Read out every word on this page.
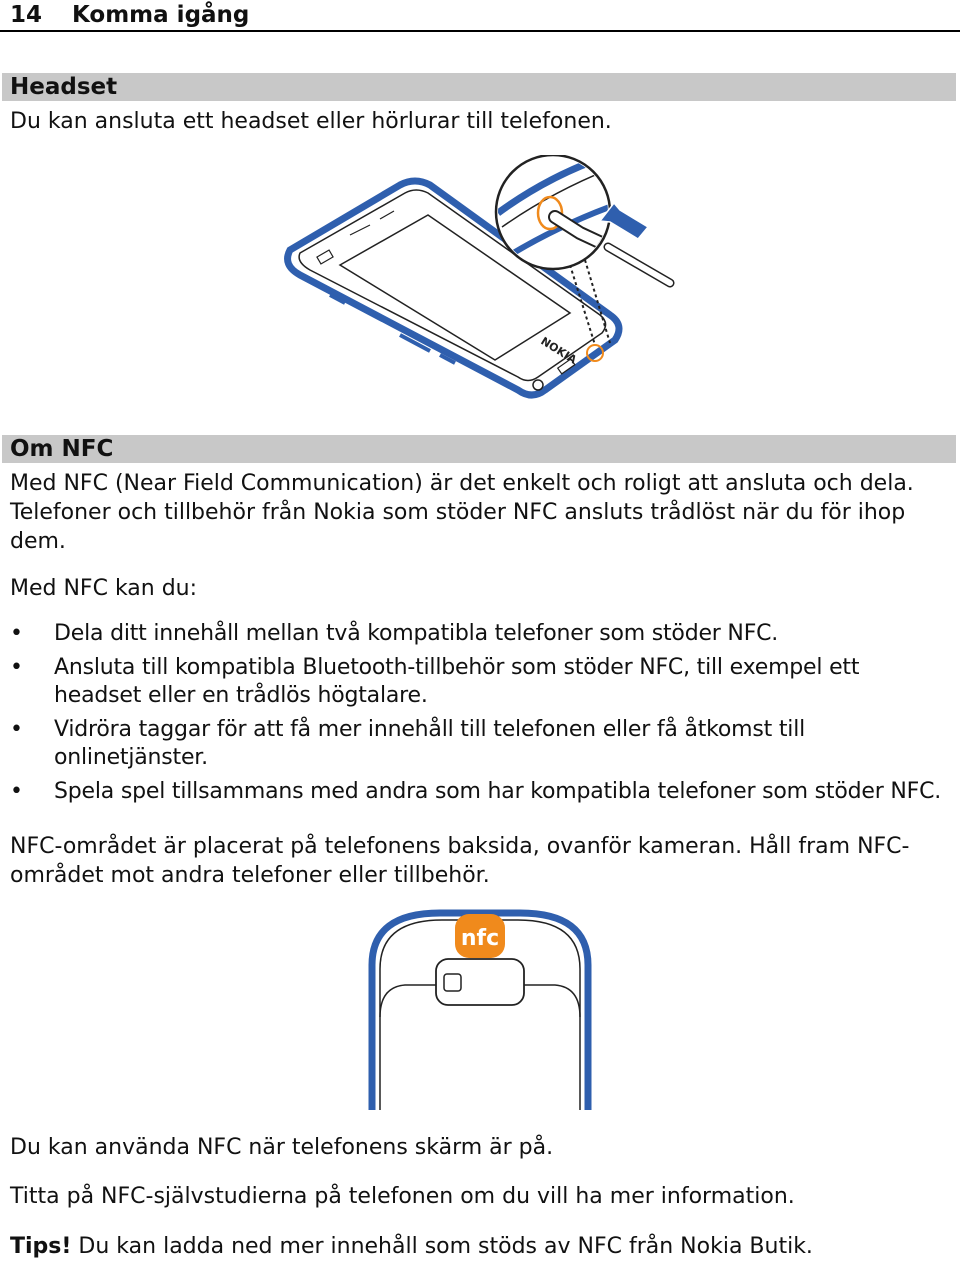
14 Komma igång
Headset

Du kan ansluta ett headset eller hörlurar till telefonen.

NOKIA
Om NFC

Med NFC (Near Field Communication) är det enkelt och roligt att ansluta och dela.

Telefoner och tillbehör från Nokia som stöder NFC ansluts trådlöst när du för ihop

dem.

Med NFC kan du:

• Dela ditt innehåll mellan två kompatibla telefoner som stöder NFC.
• Ansluta till kompatibla Bluetooth-tillbehör som stöder NFC, till exempel ett headset eller en trådlös högtalare.
• Vidröra taggar för att få mer innehåll till telefonen eller få åtkomst till onlinetjänster.
• Spela spel tillsammans med andra som har kompatibla telefoner som stöder NFC.

NFC-området är placerat på telefonens baksida, ovanför kameran. Håll fram NFC-

området mot andra telefoner eller tillbehör.

nfc

Du kan använda NFC när telefonens skärm är på.

Titta på NFC-självstudierna på telefonen om du vill ha mer information.

Tips! Du kan ladda ned mer innehåll som stöds av NFC från Nokia Butik.
